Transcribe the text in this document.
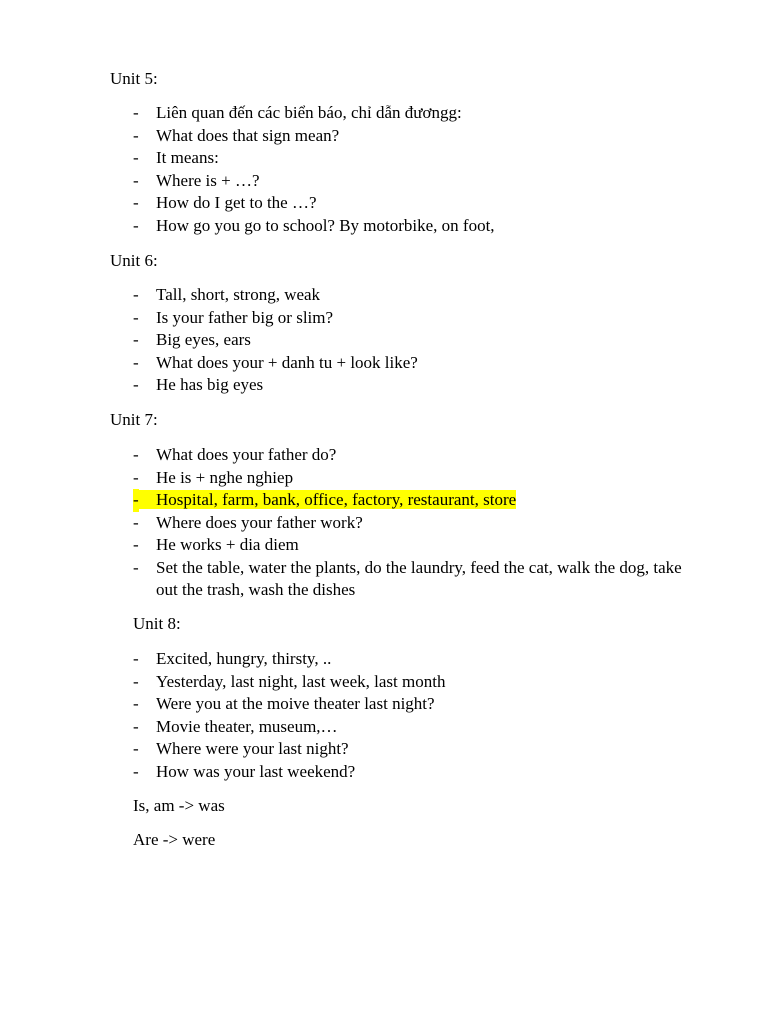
Unit 5:

- Liên quan đến các biển báo, chỉ dẫn đươngg:
- What does that sign mean?
- It means:
- Where is + …?
- How do I get to the …?
- How go you go to school? By motorbike, on foot,

Unit 6:

- Tall, short, strong, weak
- Is your father big or slim?
- Big eyes, ears
- What does your + danh tu + look like?
- He has big eyes

Unit 7:

- What does your father do?
- He is + nghe nghiep
- Hospital, farm, bank, office, factory, restaurant, store
- Where does your father work?
- He works + dia diem
- Set the table, water the plants, do the laundry, feed the cat, walk the dog, take out the trash, wash the dishes

Unit 8:

- Excited, hungry, thirsty, ..
- Yesterday, last night, last week, last month
- Were you at the moive theater last night?
- Movie theater, museum,…
- Where were your last night?
- How was your last weekend?

Is, am -> was

Are -> were
